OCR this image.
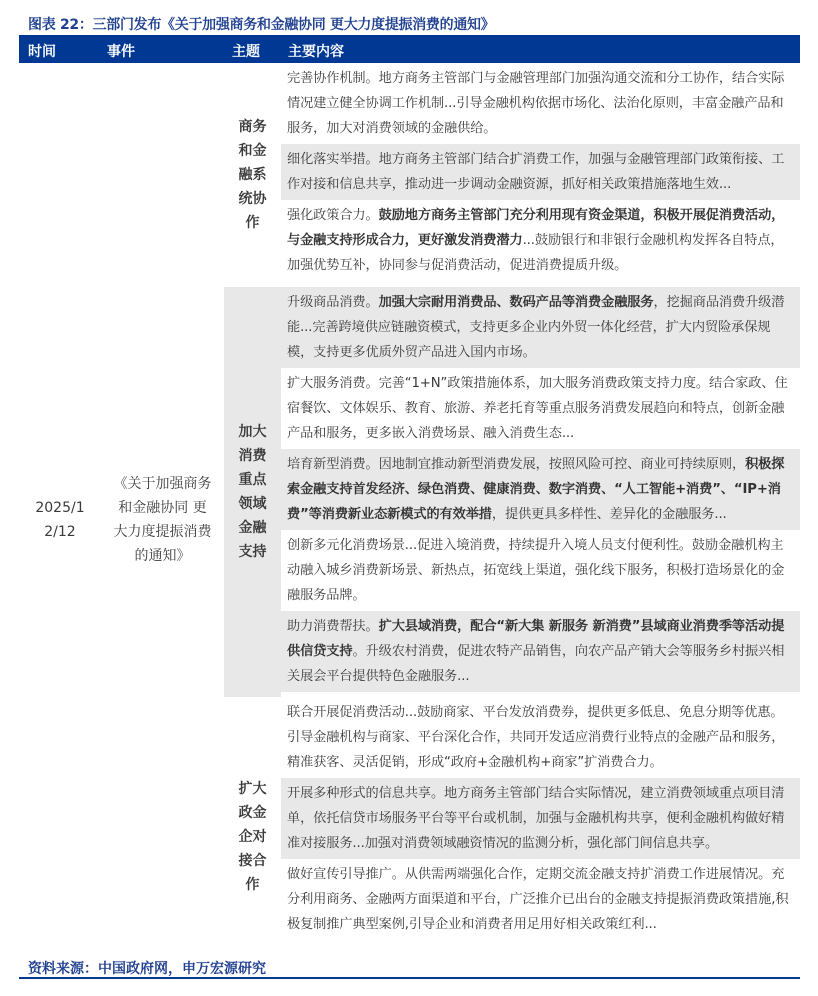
图表 22：三部门发布《关于加强商务和金融协同 更大力度提振消费的通知》
时间	事件	主题 主要内容
2025/12/12
《关于加强商务和金融协同 更大力度提振消费的通知》
商务和金融系统协作
完善协作机制。地方商务主管部门与金融管理部门加强沟通交流和分工协作，结合实际情况建立健全协调工作机制...引导金融机构依据市场化、法治化原则，丰富金融产品和服务，加大对消费领域的金融供给。
细化落实举措。地方商务主管部门结合扩消费工作，加强与金融管理部门政策衔接、工作对接和信息共享，推动进一步调动金融资源，抓好相关政策措施落地生效...
强化政策合力。鼓励地方商务主管部门充分利用现有资金渠道，积极开展促消费活动，与金融支持形成合力，更好激发消费潜力...鼓励银行和非银行金融机构发挥各自特点，加强优势互补，协同参与促消费活动，促进消费提质升级。
加大消费重点领域金融支持
升级商品消费。加强大宗耐用消费品、数码产品等消费金融服务，挖掘商品消费升级潜能...完善跨境供应链融资模式，支持更多企业内外贸一体化经营，扩大内贸险承保规模，支持更多优质外贸产品进入国内市场。
扩大服务消费。完善“1+N”政策措施体系，加大服务消费政策支持力度。结合家政、住宿餐饮、文体娱乐、教育、旅游、养老托育等重点服务消费发展趋向和特点，创新金融产品和服务，更多嵌入消费场景、融入消费生态...
培育新型消费。因地制宜推动新型消费发展，按照风险可控、商业可持续原则，积极探索金融支持首发经济、绿色消费、健康消费、数字消费、“人工智能+消费”、“IP+消费”等消费新业态新模式的有效举措，提供更具多样性、差异化的金融服务...
创新多元化消费场景...促进入境消费，持续提升入境人员支付便利性。鼓励金融机构主动融入城乡消费新场景、新热点，拓宽线上渠道，强化线下服务，积极打造场景化的金融服务品牌。
助力消费帮扶。扩大县域消费，配合“新大集 新服务 新消费”县域商业消费季等活动提供信贷支持。升级农村消费，促进农特产品销售，向农产品产销大会等服务乡村振兴相关展会平台提供特色金融服务...
扩大政金企对接合作
联合开展促消费活动...鼓励商家、平台发放消费券，提供更多低息、免息分期等优惠。引导金融机构与商家、平台深化合作，共同开发适应消费行业特点的金融产品和服务，精准获客、灵活促销，形成“政府+金融机构+商家”扩消费合力。
开展多种形式的信息共享。地方商务主管部门结合实际情况，建立消费领域重点项目清单，依托信贷市场服务平台等平台或机制，加强与金融机构共享，便利金融机构做好精准对接服务...加强对消费领域融资情况的监测分析，强化部门间信息共享。
做好宣传引导推广。从供需两端强化合作，定期交流金融支持扩消费工作进展情况。充分利用商务、金融两方面渠道和平台，广泛推介已出台的金融支持提振消费政策措施,积极复制推广典型案例,引导企业和消费者用足用好相关政策红利...
资料来源：中国政府网，申万宏源研究
